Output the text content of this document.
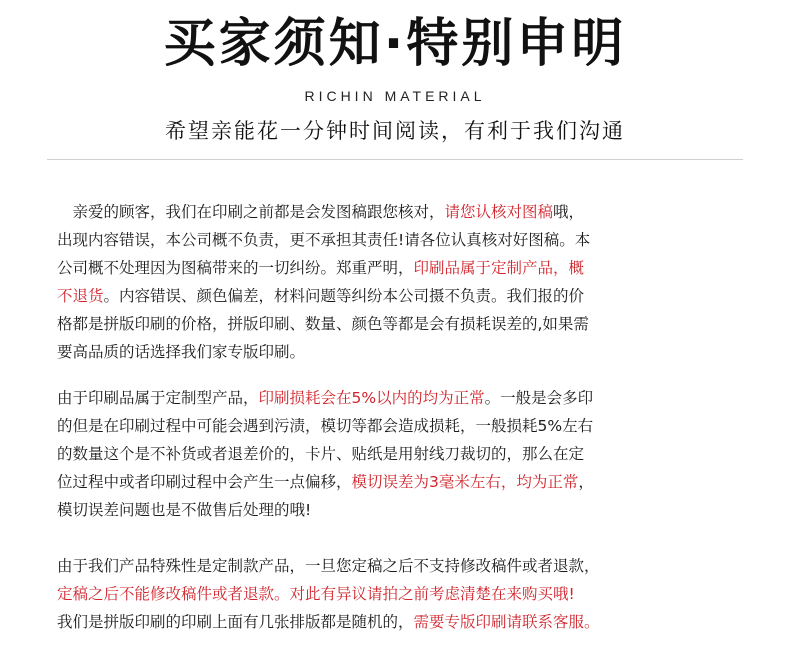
买家须知·特别申明
RICHIN MATERIAL
希望亲能花一分钟时间阅读，有利于我们沟通
　亲爱的顾客，我们在印刷之前都是会发图稿跟您核对，请您认核对图稿哦，
出现内容错误，本公司概不负责，更不承担其责任!请各位认真核对好图稿。本
公司概不处理因为图稿带来的一切纠纷。郑重严明，印刷品属于定制产品，概
不退货。内容错误、颜色偏差，材料问题等纠纷本公司摄不负责。我们报的价
格都是拼版印刷的价格，拼版印刷、数量、颜色等都是会有损耗误差的,如果需
要高品质的话选择我们家专版印刷。
由于印刷品属于定制型产品，印刷损耗会在5%以内的均为正常。一般是会多印
的但是在印刷过程中可能会遇到污渍，模切等都会造成损耗，一般损耗5%左右
的数量这个是不补货或者退差价的，卡片、贴纸是用射线刀裁切的，那么在定
位过程中或者印刷过程中会产生一点偏移，模切误差为3毫米左右，均为正常，
模切误差问题也是不做售后处理的哦!
由于我们产品特殊性是定制款产品，一旦您定稿之后不支持修改稿件或者退款，
定稿之后不能修改稿件或者退款。对此有异议请拍之前考虑清楚在来购买哦!
我们是拼版印刷的印刷上面有几张排版都是随机的，需要专版印刷请联系客服。
